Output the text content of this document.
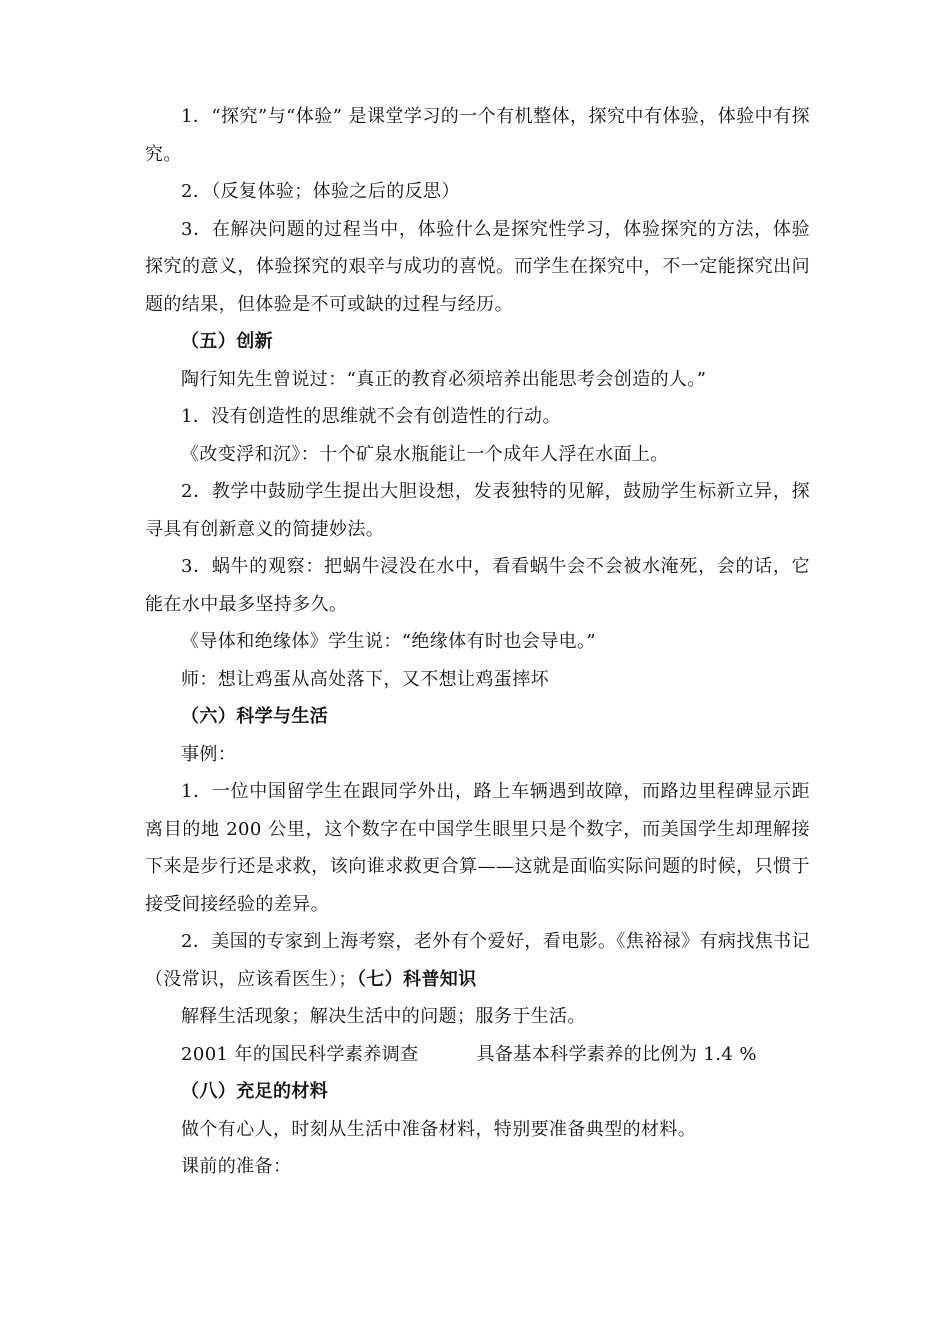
1．“探究”与“体验” 是课堂学习的一个有机整体，探究中有体验，体验中有探究。

2．（反复体验；体验之后的反思）

3．在解决问题的过程当中，体验什么是探究性学习，体验探究的方法，体验探究的意义，体验探究的艰辛与成功的喜悦。而学生在探究中，不一定能探究出问题的结果，但体验是不可或缺的过程与经历。

（五）创新

陶行知先生曾说过：“真正的教育必须培养出能思考会创造的人。”

1．没有创造性的思维就不会有创造性的行动。

《改变浮和沉》：十个矿泉水瓶能让一个成年人浮在水面上。

2．教学中鼓励学生提出大胆设想，发表独特的见解，鼓励学生标新立异，探寻具有创新意义的简捷妙法。

3．蜗牛的观察：把蜗牛浸没在水中，看看蜗牛会不会被水淹死，会的话，它能在水中最多坚持多久。

《导体和绝缘体》学生说：“绝缘体有时也会导电。”

师：想让鸡蛋从高处落下，又不想让鸡蛋摔坏

（六）科学与生活

事例：

1．一位中国留学生在跟同学外出，路上车辆遇到故障，而路边里程碑显示距离目的地 200 公里，这个数字在中国学生眼里只是个数字，而美国学生却理解接下来是步行还是求救，该向谁求救更合算——这就是面临实际问题的时候，只惯于接受间接经验的差异。

2．美国的专家到上海考察，老外有个爱好，看电影。《焦裕禄》有病找焦书记（没常识，应该看医生）；（七）科普知识

解释生活现象；解决生活中的问题；服务于生活。

2001 年的国民科学素养调查	具备基本科学素养的比例为 1.4 %

（八）充足的材料

做个有心人，时刻从生活中准备材料，特别要准备典型的材料。

课前的准备：
